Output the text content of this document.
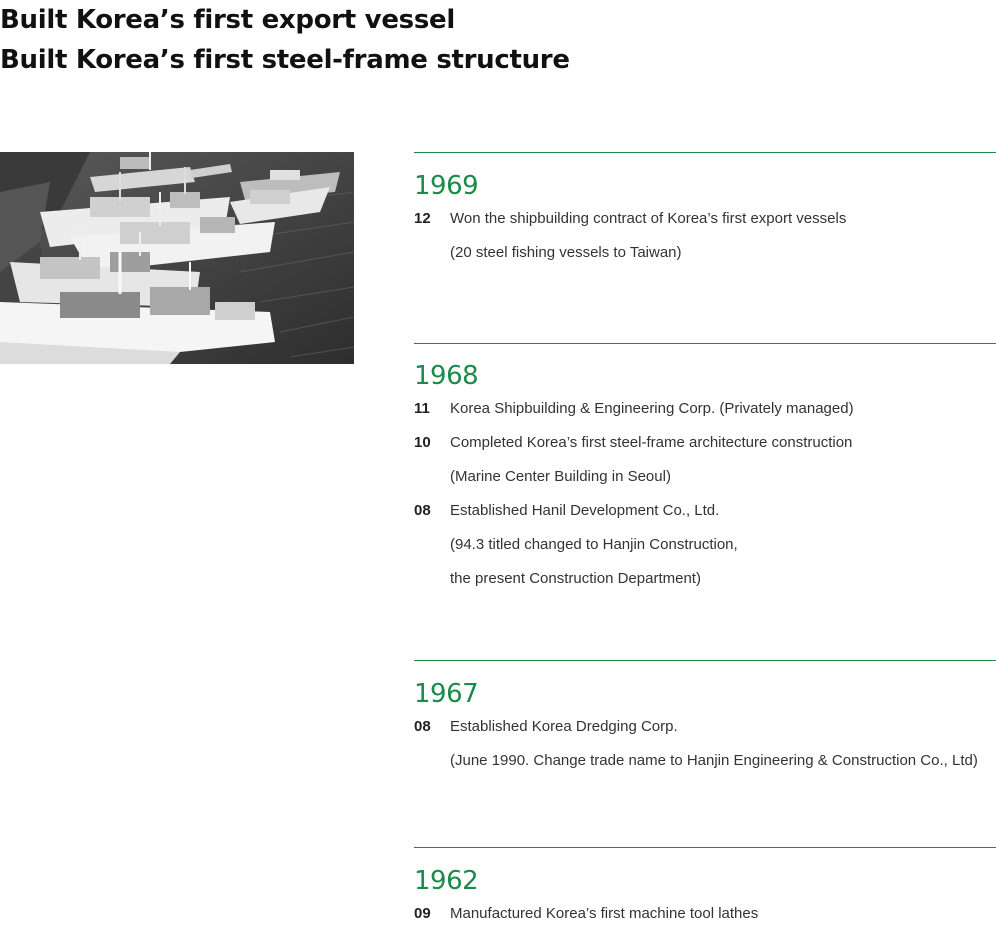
Built Korea’s first export vessel
Built Korea’s first steel-frame structure
1969
12	Won the shipbuilding contract of Korea’s first export vessels
(20 steel fishing vessels to Taiwan)
1968
11	Korea Shipbuilding & Engineering Corp. (Privately managed)
10	Completed Korea’s first steel-frame architecture construction
(Marine Center Building in Seoul)
08	Established Hanil Development Co., Ltd.
(94.3 titled changed to Hanjin Construction,
the present Construction Department)
1967
08	Established Korea Dredging Corp.
(June 1990. Change trade name to Hanjin Engineering & Construction Co., Ltd)
1962
09	Manufactured Korea’s first machine tool lathes
